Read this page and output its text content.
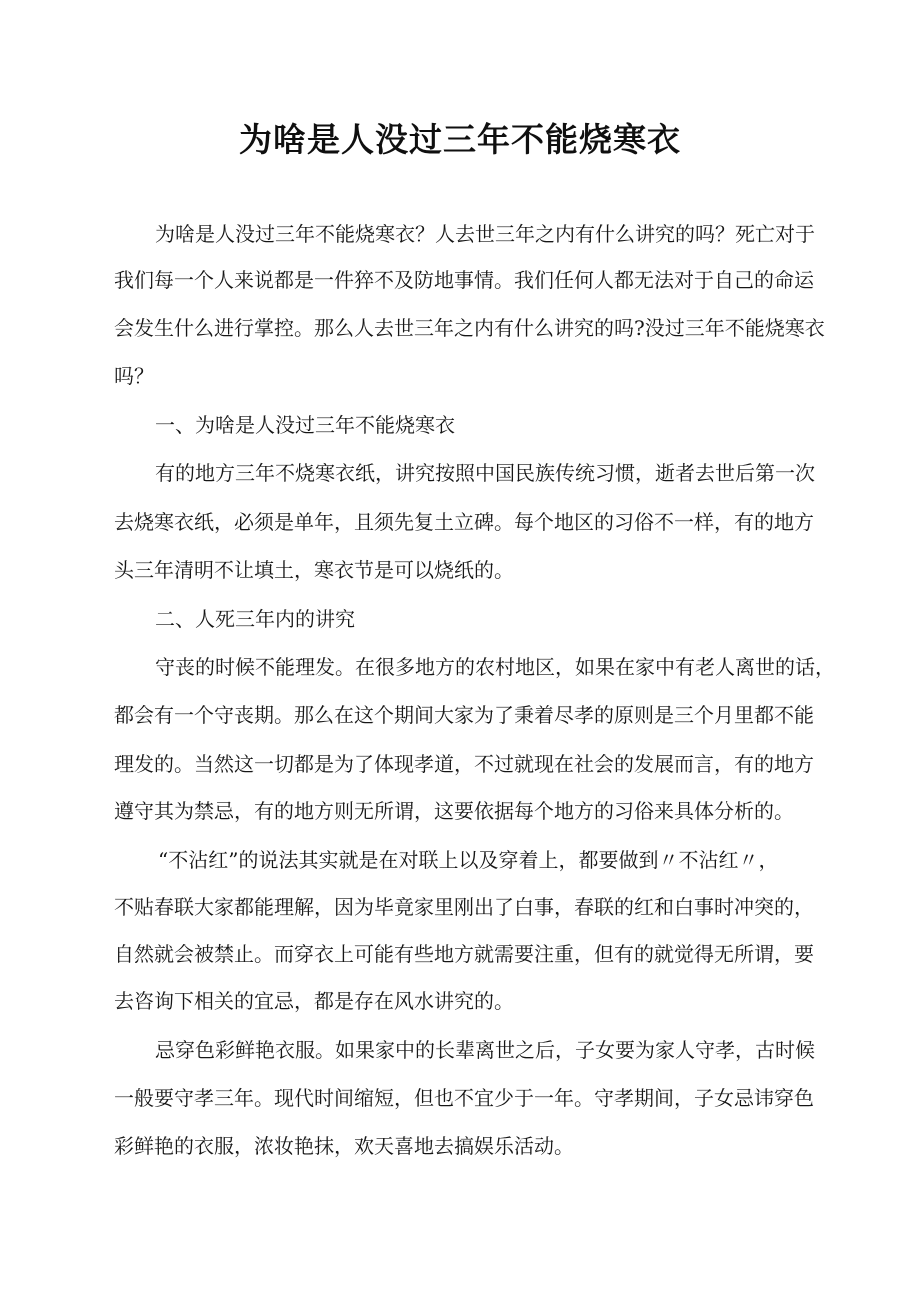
为啥是人没过三年不能烧寒衣
为啥是人没过三年不能烧寒衣？人去世三年之内有什么讲究的吗？死亡对于
我们每一个人来说都是一件猝不及防地事情。我们任何人都无法对于自己的命运
会发生什么进行掌控。那么人去世三年之内有什么讲究的吗?没过三年不能烧寒衣
吗？
一、为啥是人没过三年不能烧寒衣
有的地方三年不烧寒衣纸，讲究按照中国民族传统习惯，逝者去世后第一次
去烧寒衣纸，必须是单年，且须先复土立碑。每个地区的习俗不一样，有的地方
头三年清明不让填土，寒衣节是可以烧纸的。
二、人死三年内的讲究
守丧的时候不能理发。在很多地方的农村地区，如果在家中有老人离世的话，
都会有一个守丧期。那么在这个期间大家为了秉着尽孝的原则是三个月里都不能
理发的。当然这一切都是为了体现孝道，不过就现在社会的发展而言，有的地方
遵守其为禁忌，有的地方则无所谓，这要依据每个地方的习俗来具体分析的。
“不沾红”的说法其实就是在对联上以及穿着上，都要做到〃不沾红〃，
不贴春联大家都能理解，因为毕竟家里刚出了白事，春联的红和白事时冲突的，
自然就会被禁止。而穿衣上可能有些地方就需要注重，但有的就觉得无所谓，要
去咨询下相关的宜忌，都是存在风水讲究的。
忌穿色彩鲜艳衣服。如果家中的长辈离世之后，子女要为家人守孝，古时候
一般要守孝三年。现代时间缩短，但也不宜少于一年。守孝期间，子女忌讳穿色
彩鲜艳的衣服，浓妆艳抹，欢天喜地去搞娱乐活动。
